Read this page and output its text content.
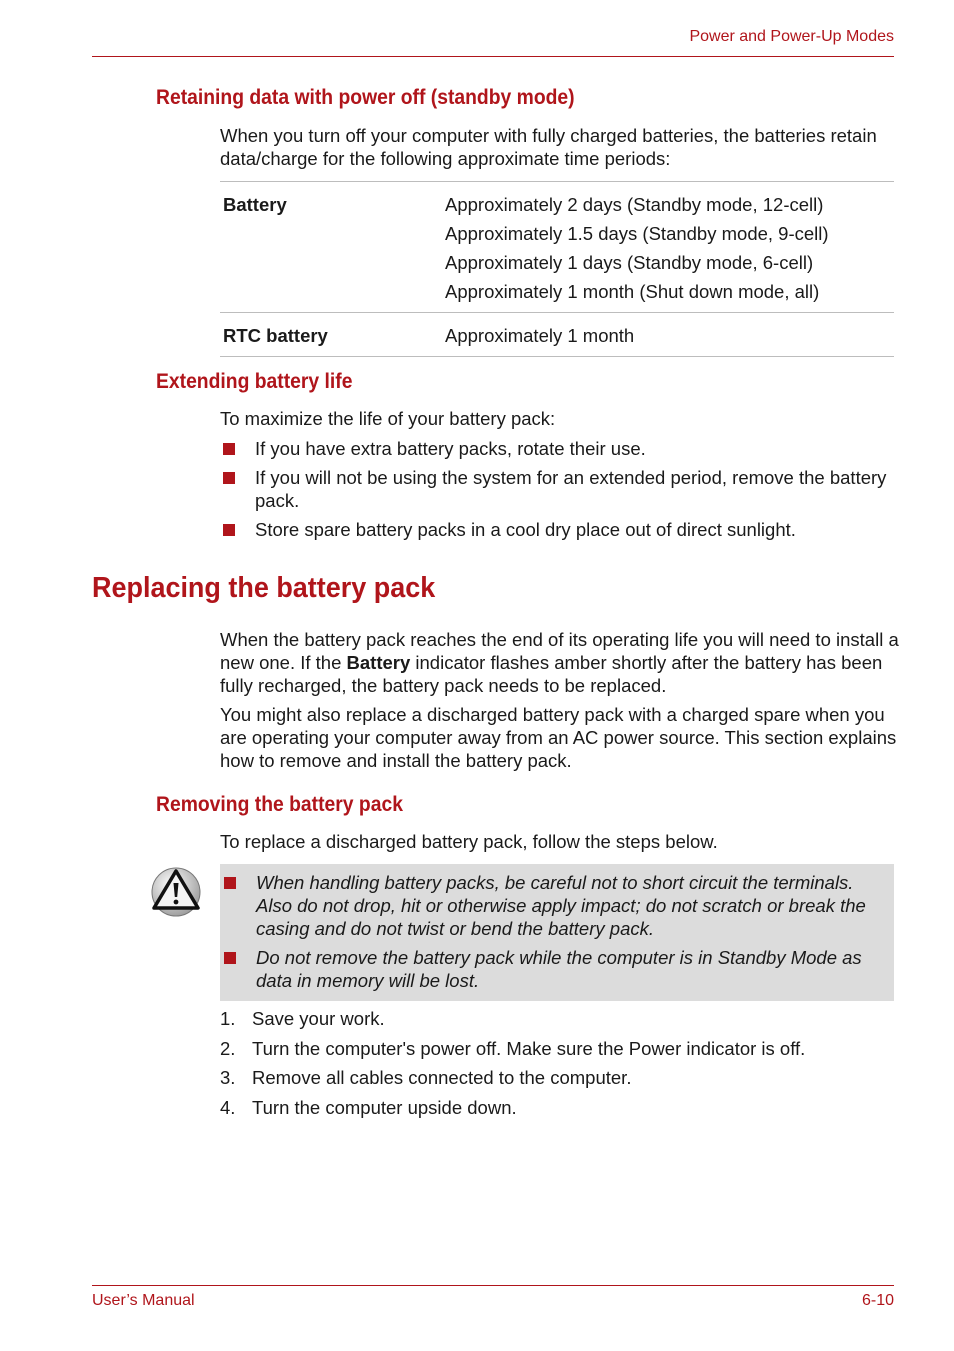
Power and Power-Up Modes
Retaining data with power off (standby mode)
When you turn off your computer with fully charged batteries, the batteries retain data/charge for the following approximate time periods:
Battery	Approximately 2 days (Standby mode, 12-cell)
Approximately 1.5 days (Standby mode, 9-cell)
Approximately 1 days (Standby mode, 6-cell)
Approximately 1 month (Shut down mode, all)
RTC battery	Approximately 1 month
Extending battery life
To maximize the life of your battery pack:
If you have extra battery packs, rotate their use.
If you will not be using the system for an extended period, remove the battery pack.
Store spare battery packs in a cool dry place out of direct sunlight.
Replacing the battery pack
When the battery pack reaches the end of its operating life you will need to install a new one. If the Battery indicator flashes amber shortly after the battery has been fully recharged, the battery pack needs to be replaced.
You might also replace a discharged battery pack with a charged spare when you are operating your computer away from an AC power source. This section explains how to remove and install the battery pack.
Removing the battery pack
To replace a discharged battery pack, follow the steps below.
When handling battery packs, be careful not to short circuit the terminals. Also do not drop, hit or otherwise apply impact; do not scratch or break the casing and do not twist or bend the battery pack.
Do not remove the battery pack while the computer is in Standby Mode as data in memory will be lost.
1. Save your work.
2. Turn the computer's power off. Make sure the Power indicator is off.
3. Remove all cables connected to the computer.
4. Turn the computer upside down.
User’s Manual	6-10
